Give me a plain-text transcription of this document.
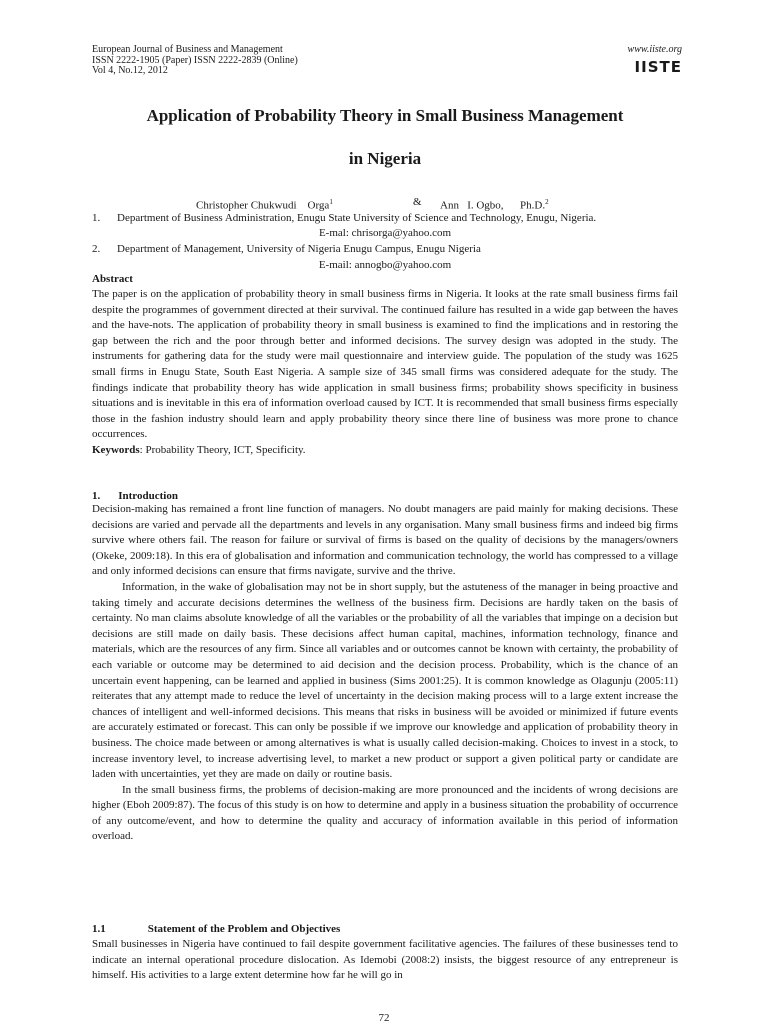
European Journal of Business and Management
ISSN 2222-1905 (Paper) ISSN 2222-2839 (Online)
Vol 4, No.12, 2012
www.iiste.org
IISTE
Application of Probability Theory in Small Business Management
in Nigeria
Christopher Chukwudi    Orga$^1$	& Ann   I. Ogbo,      Ph.D.$^2$
1. Department of Business Administration, Enugu State University of Science and Technology, Enugu, Nigeria.
E-mal: chrisorga@yahoo.com
2. Department of Management, University of Nigeria Enugu Campus, Enugu Nigeria
E-mail: annogbo@yahoo.com
Abstract

The paper is on the application of probability theory in small business firms in Nigeria. It looks at the rate small business firms fail despite the programmes of government directed at their survival. The continued failure has resulted in a wide gap between the haves and the have-nots. The application of probability theory in small business is examined to find the implications and in restoring the gap between the rich and the poor through better and informed decisions. The survey design was adopted in the study. The instruments for gathering data for the study were mail questionnaire and interview guide. The population of the study was 1625 small firms in Enugu State, South East Nigeria. A sample size of 345 small firms was considered adequate for the study. The findings indicate that probability theory has wide application in small business firms; probability shows specificity in business situations and is inevitable in this era of information overload caused by ICT. It is recommended that small business firms especially those in the fashion industry should learn and apply probability theory since there line of business was more prone to chance occurrences.

Keywords: Probability Theory, ICT, Specificity.

1. Introduction

Decision-making has remained a front line function of managers. No doubt managers are paid mainly for making decisions. These decisions are varied and pervade all the departments and levels in any organisation. Many small business firms and indeed big firms survive where others fail. The reason for failure or survival of firms is based on the quality of decisions by the managers/owners (Okeke, 2009:18). In this era of globalisation and information and communication technology, the world has compressed to a village and only informed decisions can ensure that firms navigate, survive and the thrive.

Information, in the wake of globalisation may not be in short supply, but the astuteness of the manager in being proactive and taking timely and accurate decisions determines the wellness of the business firm. Decisions are hardly taken on the basis of certainty. No man claims absolute knowledge of all the variables or the probability of all the variables that impinge on a decision but decisions are still made on daily basis. These decisions affect human capital, machines, information technology, finance and materials, which are the resources of any firm. Since all variables and or outcomes cannot be known with certainty, the probability of each variable or outcome may be determined to aid decision and the decision process. Probability, which is the chance of an uncertain event happening, can be learned and applied in business (Sims 2001:25). It is common knowledge as Olagunju (2005:11) reiterates that any attempt made to reduce the level of uncertainty in the decision making process will to a large extent increase the chances of intelligent and well-informed decisions. This means that risks in business will be avoided or minimized if future events are accurately estimated or forecast. This can only be possible if we improve our knowledge and application of probability theory in business. The choice made between or among alternatives is what is usually called decision-making. Choices to invest in a stock, to increase inventory level, to increase advertising level, to market a new product or support a given political party or candidate are laden with uncertainties, yet they are made on daily or routine basis.

In the small business firms, the problems of decision-making are more pronounced and the incidents of wrong decisions are higher (Eboh 2009:87). The focus of this study is on how to determine and apply in a business situation the probability of occurrence of any outcome/event, and how to determine the quality and accuracy of information available in this period of information overload.

1.1	Statement of the Problem and Objectives

Small businesses in Nigeria have continued to fail despite government facilitative agencies. The failures of these businesses tend to indicate an internal operational procedure dislocation. As Idemobi (2008:2) insists, the biggest resource of any entrepreneur is himself. His activities to a large extent determine how far he will go in

72
